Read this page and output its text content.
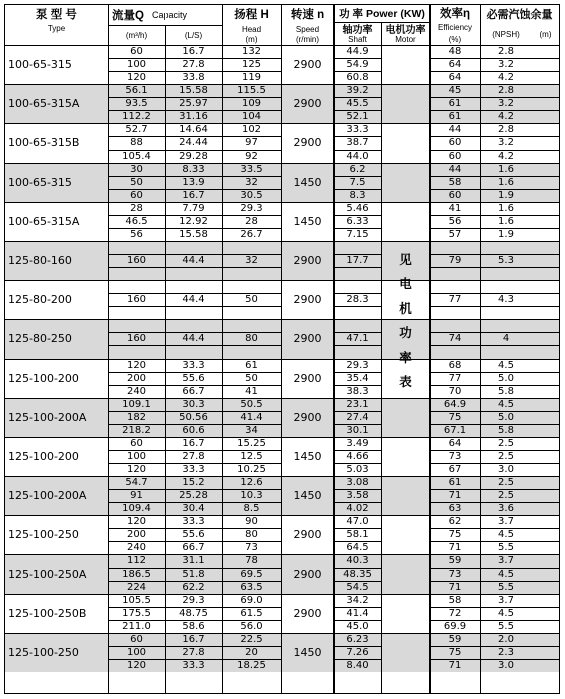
泵 型 号
Type
流量Q Capacity
(m³/h)	(L/S)
扬程 H
Head
(m)
转速 n
Speed
(r/min)
功 率 Power (KW)
轴功率
Shaft
电机功率
Motor
效率η
Efficiency
(%)
必需汽蚀余量
(NPSH)	(m)
100-65-315	2900
60	16.7	132	44.9	48	2.8
100	27.8	125	54.9	64	3.2
120	33.8	119	60.8	64	4.2
100-65-315A	2900
56.1	15.58	115.5	39.2	45	2.8
93.5	25.97	109	45.5	61	3.2
112.2	31.16	104	52.1	61	4.2
100-65-315B	2900
52.7	14.64	102	33.3	44	2.8
88	24.44	97	38.7	60	3.2
105.4	29.28	92	44.0	60	4.2
100-65-315	1450
30	8.33	33.5	6.2	44	1.6
50	13.9	32	7.5	58	1.6
60	16.7	30.5	8.3	60	1.9
100-65-315A	1450
28	7.79	29.3	5.46	41	1.6
46.5	12.92	28	6.33	56	1.6
56	15.58	26.7	7.15	57	1.9
125-80-160	2900
160	44.4	32	17.7	79	5.3
125-80-200	2900
160	44.4	50	28.3	77	4.3
125-80-250	2900
160	44.4	80	47.1	74	4
125-100-200	2900
120	33.3	61	29.3	68	4.5
200	55.6	50	35.4	77	5.0
240	66.7	41	38.3	70	5.8
125-100-200A	2900
109.1	30.3	50.5	23.1	64.9	4.5
182	50.56	41.4	27.4	75	5.0
218.2	60.6	34	30.1	67.1	5.8
125-100-200	1450
60	16.7	15.25	3.49	64	2.5
100	27.8	12.5	4.66	73	2.5
120	33.3	10.25	5.03	67	3.0
125-100-200A	1450
54.7	15.2	12.6	3.08	61	2.5
91	25.28	10.3	3.58	71	2.5
109.4	30.4	8.5	4.02	63	3.6
125-100-250	2900
120	33.3	90	47.0	62	3.7
200	55.6	80	58.1	75	4.5
240	66.7	73	64.5	71	5.5
125-100-250A	2900
112	31.1	78	40.3	59	3.7
186.5	51.8	69.5	48.35	73	4.5
224	62.2	63.5	54.5	71	5.5
125-100-250B	2900
105.5	29.3	69.0	34.2	58	3.7
175.5	48.75	61.5	41.4	72	4.5
211.0	58.6	56.0	45.0	69.9	5.5
125-100-250	1450
60	16.7	22.5	6.23	59	2.0
100	27.8	20	7.26	75	2.3
120	33.3	18.25	8.40	71	3.0
见
电
机
功
率
表
